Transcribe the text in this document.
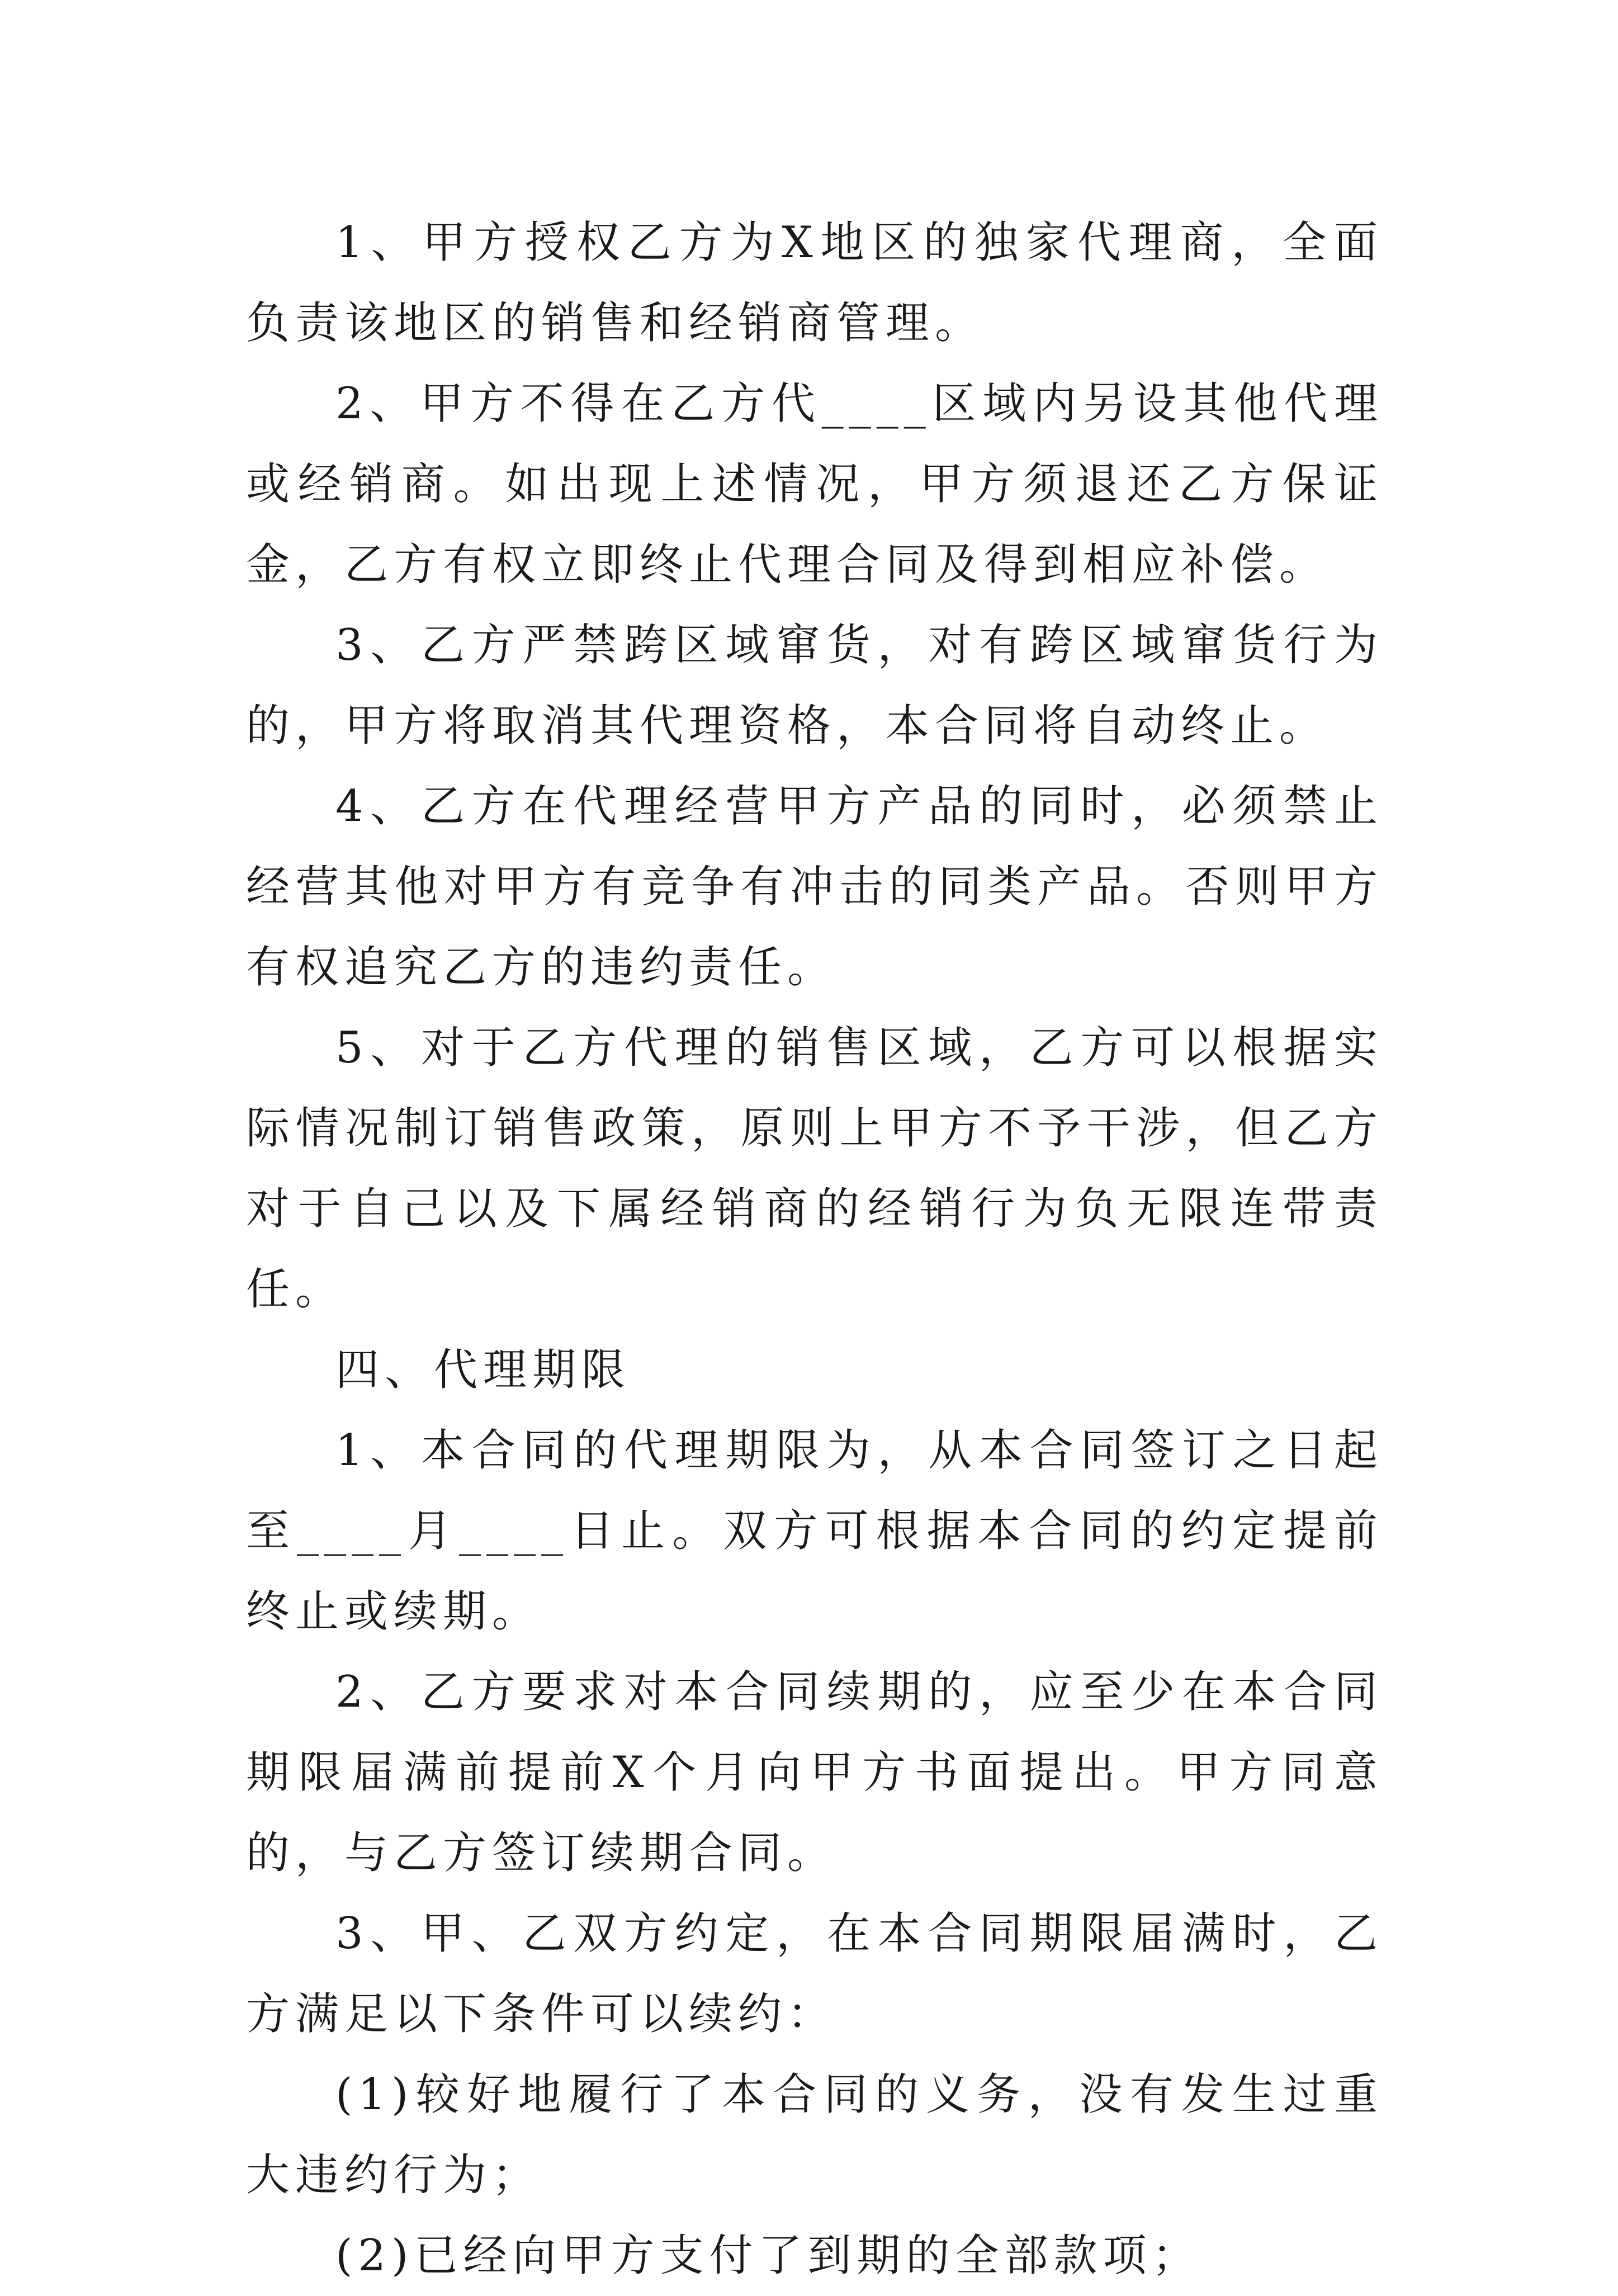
1、甲方授权乙方为X地区的独家代理商，全面负责该地区的销售和经销商管理。

2、甲方不得在乙方代____区域内另设其他代理或经销商。如出现上述情况，甲方须退还乙方保证金，乙方有权立即终止代理合同及得到相应补偿。

3、乙方严禁跨区域窜货，对有跨区域窜货行为的，甲方将取消其代理资格，本合同将自动终止。

4、乙方在代理经营甲方产品的同时，必须禁止经营其他对甲方有竞争有冲击的同类产品。否则甲方有权追究乙方的违约责任。

5、对于乙方代理的销售区域，乙方可以根据实际情况制订销售政策，原则上甲方不予干涉，但乙方对于自己以及下属经销商的经销行为负无限连带责任。

四、代理期限

1、本合同的代理期限为，从本合同签订之日起至____月____日止。双方可根据本合同的约定提前终止或续期。

2、乙方要求对本合同续期的，应至少在本合同期限届满前提前X个月向甲方书面提出。甲方同意的，与乙方签订续期合同。

3、甲、乙双方约定，在本合同期限届满时，乙方满足以下条件可以续约：

(1)较好地履行了本合同的义务，没有发生过重大违约行为；

(2)已经向甲方支付了到期的全部款项；
